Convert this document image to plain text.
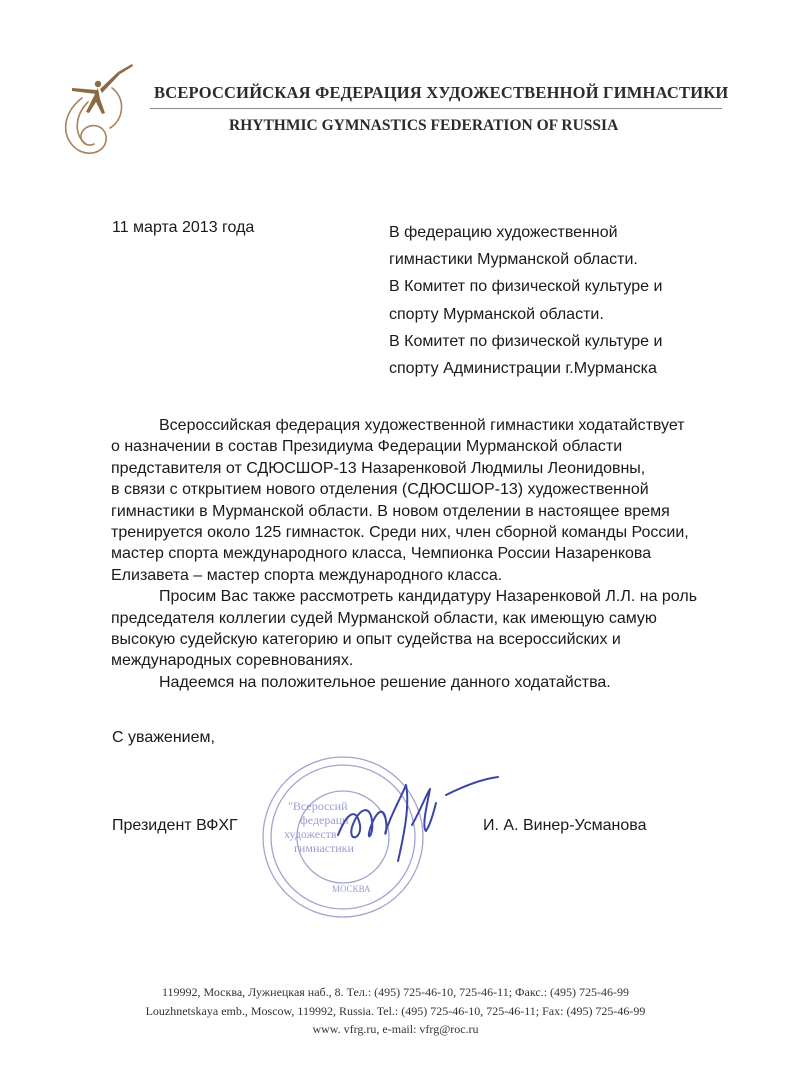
ВСЕРОССИЙСКАЯ ФЕДЕРАЦИЯ ХУДОЖЕСТВЕННОЙ ГИМНАСТИКИ
RHYTHMIC GYMNASTICS FEDERATION OF RUSSIA
11 марта 2013 года	В федерацию художественной
гимнастики Мурманской области.
В Комитет по физической культуре и
спорту Мурманской области.
В Комитет по физической культуре и
спорту Администрации г.Мурманска
Всероссийская федерация художественной гимнастики ходатайствует
о назначении в состав Президиума Федерации Мурманской области
представителя от СДЮСШОР-13 Назаренковой Людмилы Леонидовны,
в связи с открытием нового отделения (СДЮСШОР-13) художественной
гимнастики в Мурманской области. В новом отделении в настоящее время
тренируется около 125 гимнасток. Среди них, член сборной команды России,
мастер спорта международного класса, Чемпионка России Назаренкова
Елизавета – мастер спорта международного класса.
Просим Вас также рассмотреть кандидатуру Назаренковой Л.Л. на роль
председателя коллегии судей Мурманской области, как имеющую самую
высокую судейскую категорию и опыт судейства на всероссийских и
международных соревнованиях.
Надеемся на положительное решение данного ходатайства.
С уважением,
"Всероссий
федераци
художеств
гимнастики
МОСКВА
Президент ВФХГ	И. А. Винер-Усманова
119992, Москва, Лужнецкая наб., 8. Тел.: (495) 725-46-10, 725-46-11; Факс.: (495) 725-46-99
Louzhnetskaya emb., Moscow, 119992, Russia. Tel.: (495) 725-46-10, 725-46-11; Fax: (495) 725-46-99
www. vfrg.ru, e-mail: vfrg@roc.ru
